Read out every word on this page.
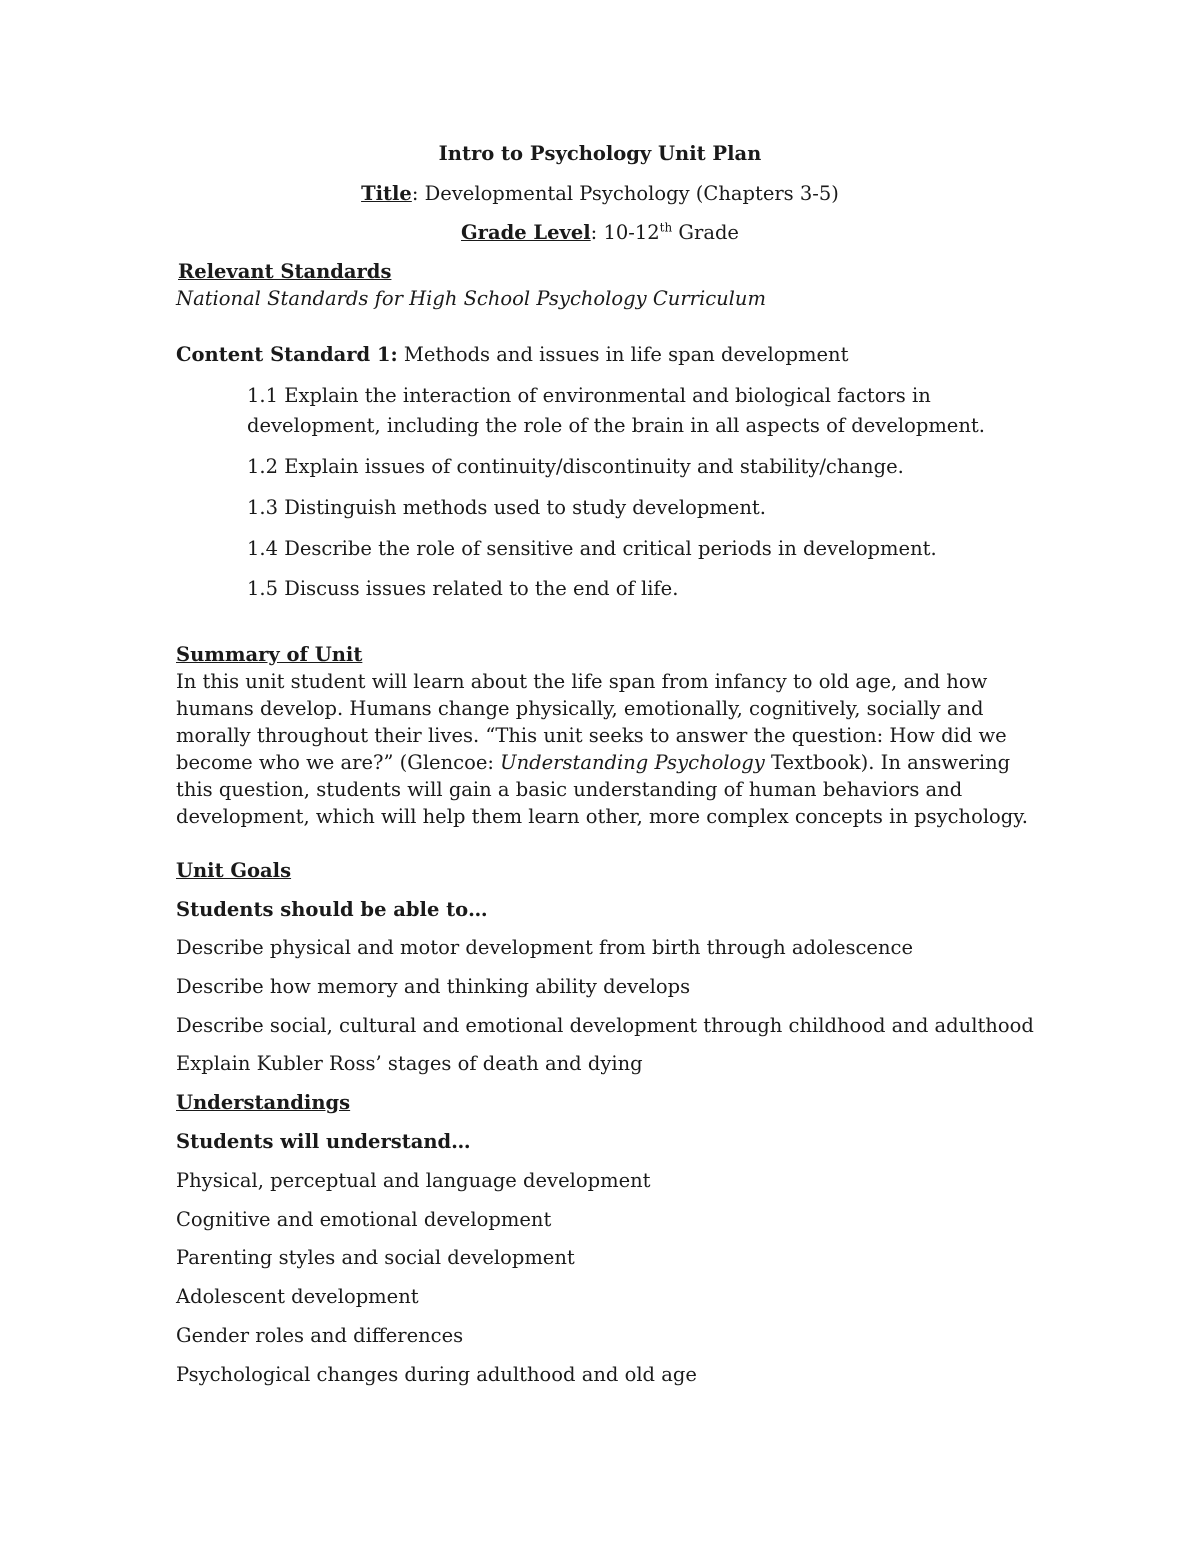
Intro to Psychology Unit Plan
Title: Developmental Psychology (Chapters 3-5)
Grade Level: 10-12th Grade
Relevant Standards
National Standards for High School Psychology Curriculum
Content Standard 1: Methods and issues in life span development
1.1 Explain the interaction of environmental and biological factors in
development, including the role of the brain in all aspects of development.
1.2 Explain issues of continuity/discontinuity and stability/change.
1.3 Distinguish methods used to study development.
1.4 Describe the role of sensitive and critical periods in development.
1.5 Discuss issues related to the end of life.
Summary of Unit
In this unit student will learn about the life span from infancy to old age, and how humans develop. Humans change physically, emotionally, cognitively, socially and morally throughout their lives. “This unit seeks to answer the question: How did we become who we are?” (Glencoe: Understanding Psychology Textbook). In answering this question, students will gain a basic understanding of human behaviors and development, which will help them learn other, more complex concepts in psychology.
Unit Goals
Students should be able to…
Describe physical and motor development from birth through adolescence
Describe how memory and thinking ability develops
Describe social, cultural and emotional development through childhood and adulthood
Explain Kubler Ross’ stages of death and dying
Understandings
Students will understand…
Physical, perceptual and language development
Cognitive and emotional development
Parenting styles and social development
Adolescent development
Gender roles and differences
Psychological changes during adulthood and old age
